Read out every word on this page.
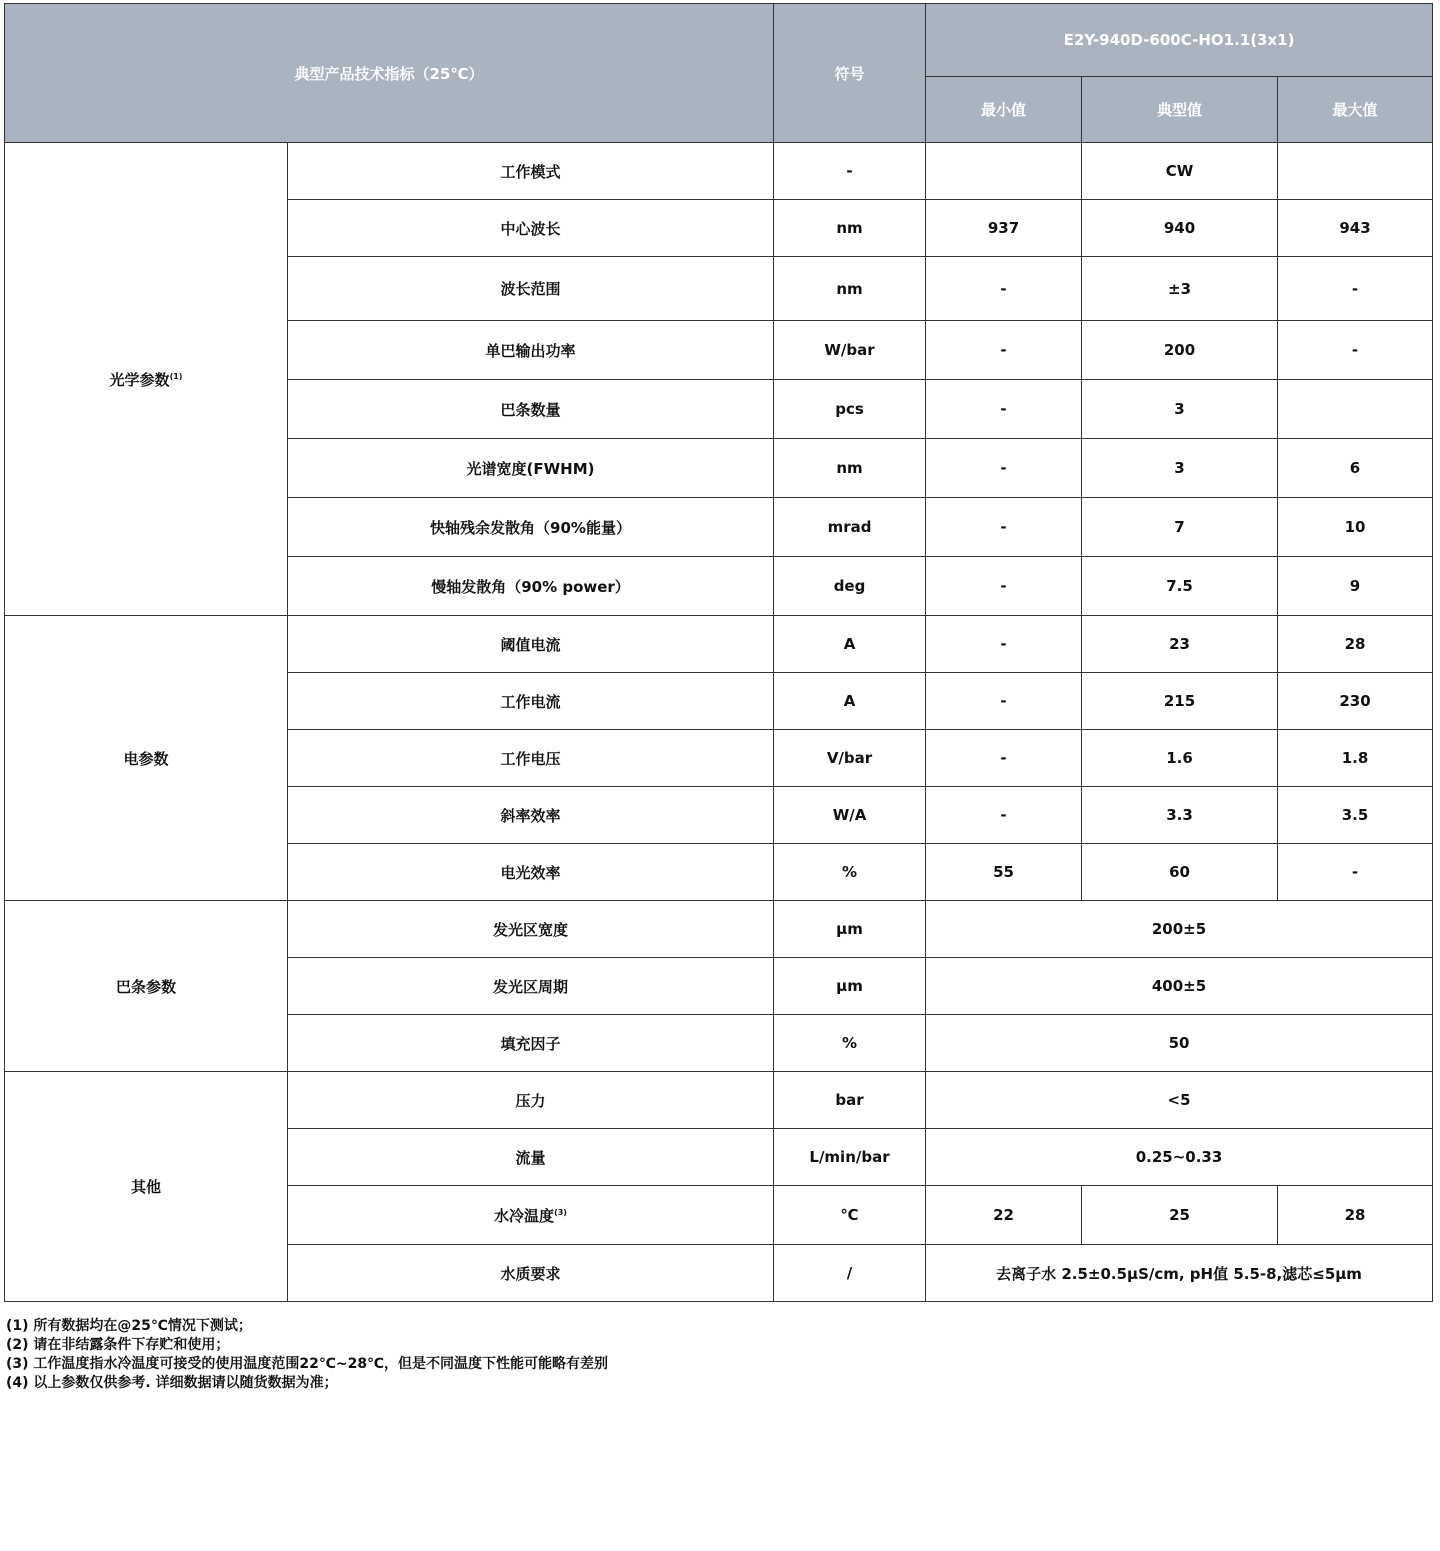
典型产品技术指标（25℃）		符号	E2Y-940D-600C-HO1.1(3x1)		
			最小值	典型值	最大值
光学参数$^{(1)}$	工作模式	-		CW	
	中心波长	nm	937	940	943
	波长范围	nm	-	±3	-
	单巴输出功率	W/bar	-	200	-
	巴条数量	pcs	-	3	
	光谱宽度(FWHM)	nm	-	3	6
	快轴残余发散角（90%能量）	mrad	-	7	10
	慢轴发散角（90% power）	deg	-	7.5	9
电参数	阈值电流	A	-	23	28
	工作电流	A	-	215	230
	工作电压	V/bar	-	1.6	1.8
	斜率效率	W/A	-	3.3	3.5
	电光效率	%	55	60	-
巴条参数	发光区宽度	μm	200±5		
	发光区周期	μm	400±5		
	填充因子	%	50		
其他	压力	bar	<5		
	流量	L/min/bar	0.25~0.33		
	水冷温度$^{(3)}$	℃	22	25	28
	水质要求	/	去离子水 2.5±0.5μS/cm, pH值 5.5-8,滤芯≤5μm		
(1) 所有数据均在@25℃情况下测试；
(2) 请在非结露条件下存贮和使用；
(3) 工作温度指水冷温度可接受的使用温度范围22℃~28℃，但是不同温度下性能可能略有差别
(4) 以上参数仅供参考. 详细数据请以随货数据为准；
